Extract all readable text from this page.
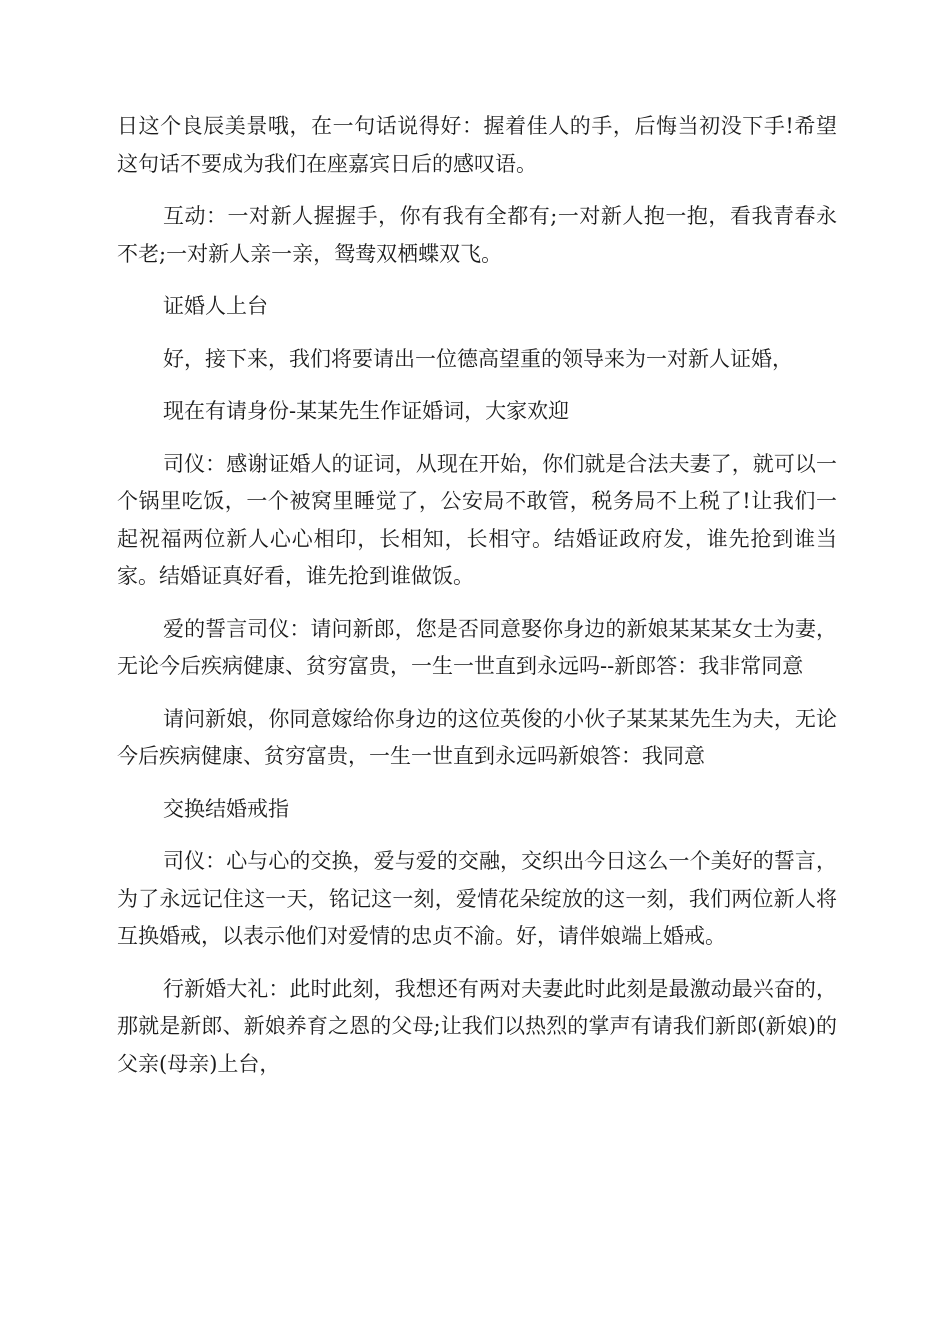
日这个良辰美景哦，在一句话说得好：握着佳人的手，后悔当初没下手!希望这句话不要成为我们在座嘉宾日后的感叹语。

互动：一对新人握握手，你有我有全都有;一对新人抱一抱，看我青春永不老;一对新人亲一亲，鸳鸯双栖蝶双飞。

证婚人上台

好，接下来，我们将要请出一位德高望重的领导来为一对新人证婚，

现在有请身份-某某先生作证婚词，大家欢迎

司仪：感谢证婚人的证词，从现在开始，你们就是合法夫妻了，就可以一个锅里吃饭，一个被窝里睡觉了，公安局不敢管，税务局不上税了!让我们一起祝福两位新人心心相印，长相知，长相守。结婚证政府发，谁先抢到谁当家。结婚证真好看，谁先抢到谁做饭。

爱的誓言司仪：请问新郎，您是否同意娶你身边的新娘某某某女士为妻，无论今后疾病健康、贫穷富贵，一生一世直到永远吗--新郎答：我非常同意

请问新娘，你同意嫁给你身边的这位英俊的小伙子某某某先生为夫，无论今后疾病健康、贫穷富贵，一生一世直到永远吗新娘答：我同意

交换结婚戒指

司仪：心与心的交换，爱与爱的交融，交织出今日这么一个美好的誓言，为了永远记住这一天，铭记这一刻，爱情花朵绽放的这一刻，我们两位新人将互换婚戒，以表示他们对爱情的忠贞不渝。好，请伴娘端上婚戒。

行新婚大礼：此时此刻，我想还有两对夫妻此时此刻是最激动最兴奋的，那就是新郎、新娘养育之恩的父母;让我们以热烈的掌声有请我们新郎(新娘)的父亲(母亲)上台，
